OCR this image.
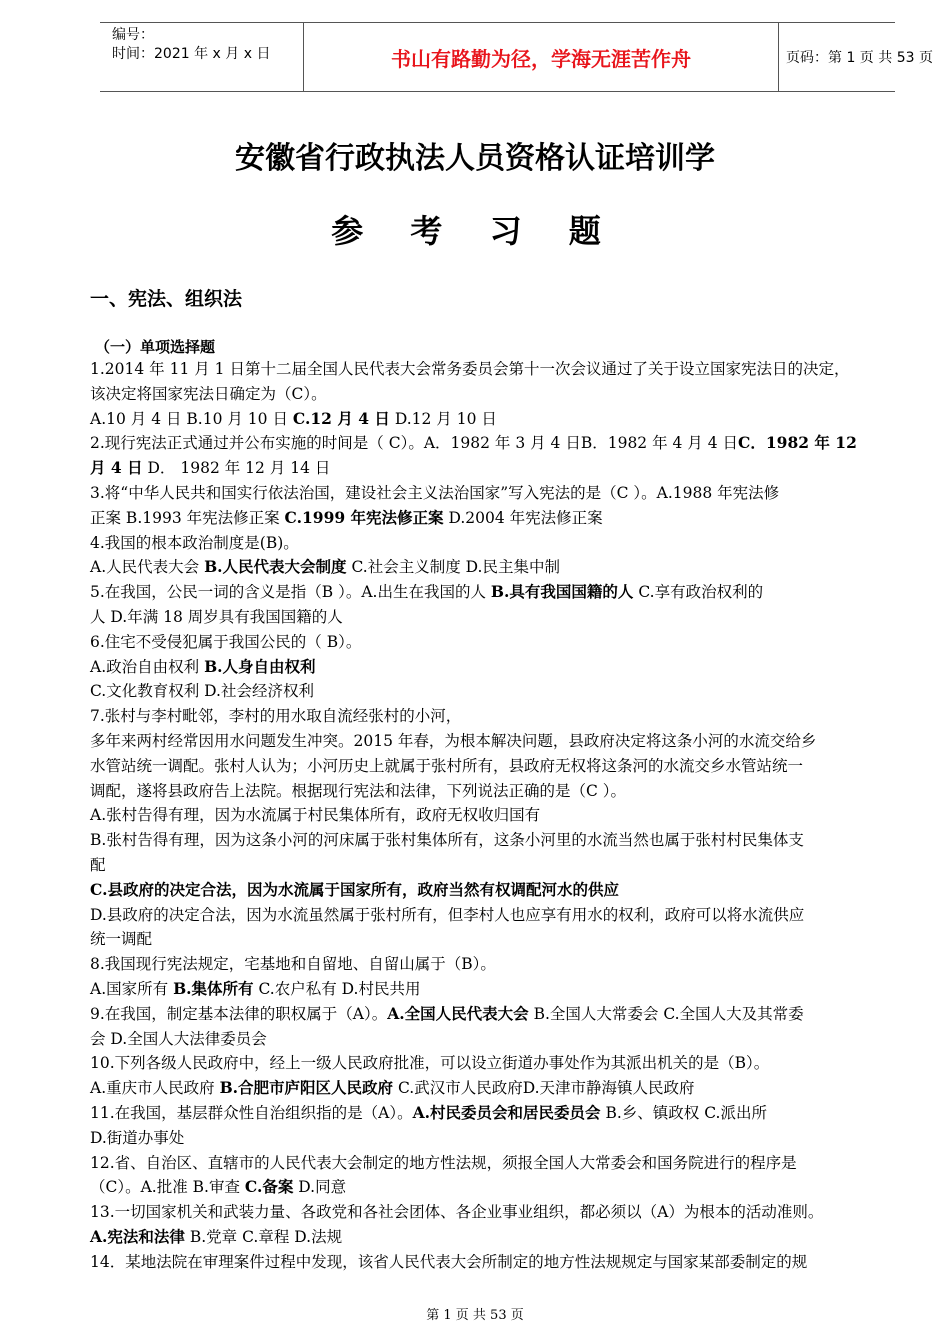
编号：
时间：2021 年 x 月 x 日	书山有路勤为径，学海无涯苦作舟	页码：第 1 页 共 53 页
安徽省行政执法人员资格认证培训学
参 考 习 题
一、宪法、组织法
（一）单项选择题
1.2014 年 11 月 1 日第十二届全国人民代表大会常务委员会第十一次会议通过了关于设立国家宪法日的决定，
该决定将国家宪法日确定为（C）。
A.10 月 4 日 B.10 月 10 日 C.12 月 4 日 D.12 月 10 日
2.现行宪法正式通过并公布实施的时间是（ C）。A．1982 年 3 月 4 日B．1982 年 4 月 4 日C．1982 年 12
月 4 日 D． 1982 年 12 月 14 日
3.将“中华人民共和国实行依法治国，建设社会主义法治国家”写入宪法的是（C ）。A.1988 年宪法修
正案 B.1993 年宪法修正案 C.1999 年宪法修正案 D.2004 年宪法修正案
4.我国的根本政治制度是(B)。
A.人民代表大会 B.人民代表大会制度 C.社会主义制度 D.民主集中制
5.在我国，公民一词的含义是指（B ）。A.出生在我国的人 B.具有我国国籍的人 C.享有政治权利的
人 D.年满 18 周岁具有我国国籍的人
6.住宅不受侵犯属于我国公民的（ B）。
A.政治自由权利 B.人身自由权利
C.文化教育权利 D.社会经济权利
7.张村与李村毗邻，李村的用水取自流经张村的小河，
多年来两村经常因用水问题发生冲突。2015 年春，为根本解决问题，县政府决定将这条小河的水流交给乡
水管站统一调配。张村人认为；小河历史上就属于张村所有，县政府无权将这条河的水流交乡水管站统一
调配，遂将县政府告上法院。根据现行宪法和法律，下列说法正确的是（C ）。
A.张村告得有理，因为水流属于村民集体所有，政府无权收归国有
B.张村告得有理，因为这条小河的河床属于张村集体所有，这条小河里的水流当然也属于张村村民集体支
配
C.县政府的决定合法，因为水流属于国家所有，政府当然有权调配河水的供应
D.县政府的决定合法，因为水流虽然属于张村所有，但李村人也应享有用水的权利，政府可以将水流供应
统一调配
8.我国现行宪法规定，宅基地和自留地、自留山属于（B）。
A.国家所有 B.集体所有 C.农户私有 D.村民共用
9.在我国，制定基本法律的职权属于（A）。A.全国人民代表大会 B.全国人大常委会 C.全国人大及其常委
会 D.全国人大法律委员会
10.下列各级人民政府中，经上一级人民政府批准，可以设立街道办事处作为其派出机关的是（B）。
A.重庆市人民政府 B.合肥市庐阳区人民政府 C.武汉市人民政府D.天津市静海镇人民政府
11.在我国，基层群众性自治组织指的是（A）。A.村民委员会和居民委员会 B.乡、镇政权 C.派出所
D.街道办事处
12.省、自治区、直辖市的人民代表大会制定的地方性法规，须报全国人大常委会和国务院进行的程序是
（C）。A.批准 B.审查 C.备案 D.同意
13.一切国家机关和武装力量、各政党和各社会团体、各企业事业组织，都必须以（A）为根本的活动准则。
A.宪法和法律 B.党章 C.章程 D.法规
14．某地法院在审理案件过程中发现，该省人民代表大会所制定的地方性法规规定与国家某部委制定的规
第 1 页 共 53 页
